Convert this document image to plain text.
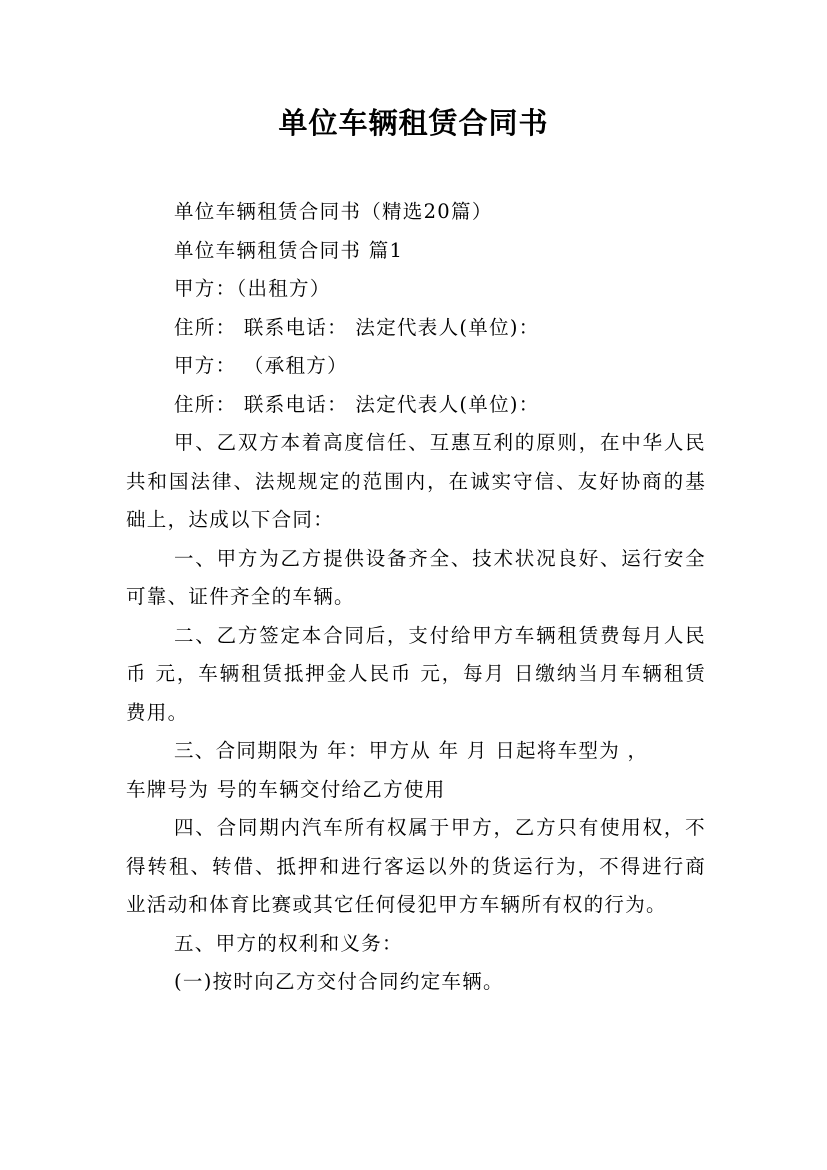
单位车辆租赁合同书

单位车辆租赁合同书（精选20篇）

单位车辆租赁合同书 篇1

甲方：（出租方）

住所： 联系电话： 法定代表人(单位)：

甲方： （承租方）

住所： 联系电话： 法定代表人(单位)：

甲、乙双方本着高度信任、互惠互利的原则，在中华人民共和国法律、法规规定的范围内，在诚实守信、友好协商的基础上，达成以下合同：

一、甲方为乙方提供设备齐全、技术状况良好、运行安全可靠、证件齐全的车辆。

二、乙方签定本合同后，支付给甲方车辆租赁费每月人民币 元，车辆租赁抵押金人民币 元，每月 日缴纳当月车辆租赁费用。

三、合同期限为 年：甲方从 年 月 日起将车型为 ，

车牌号为 号的车辆交付给乙方使用

四、合同期内汽车所有权属于甲方，乙方只有使用权，不得转租、转借、抵押和进行客运以外的货运行为，不得进行商业活动和体育比赛或其它任何侵犯甲方车辆所有权的行为。

五、甲方的权利和义务：

(一)按时向乙方交付合同约定车辆。
